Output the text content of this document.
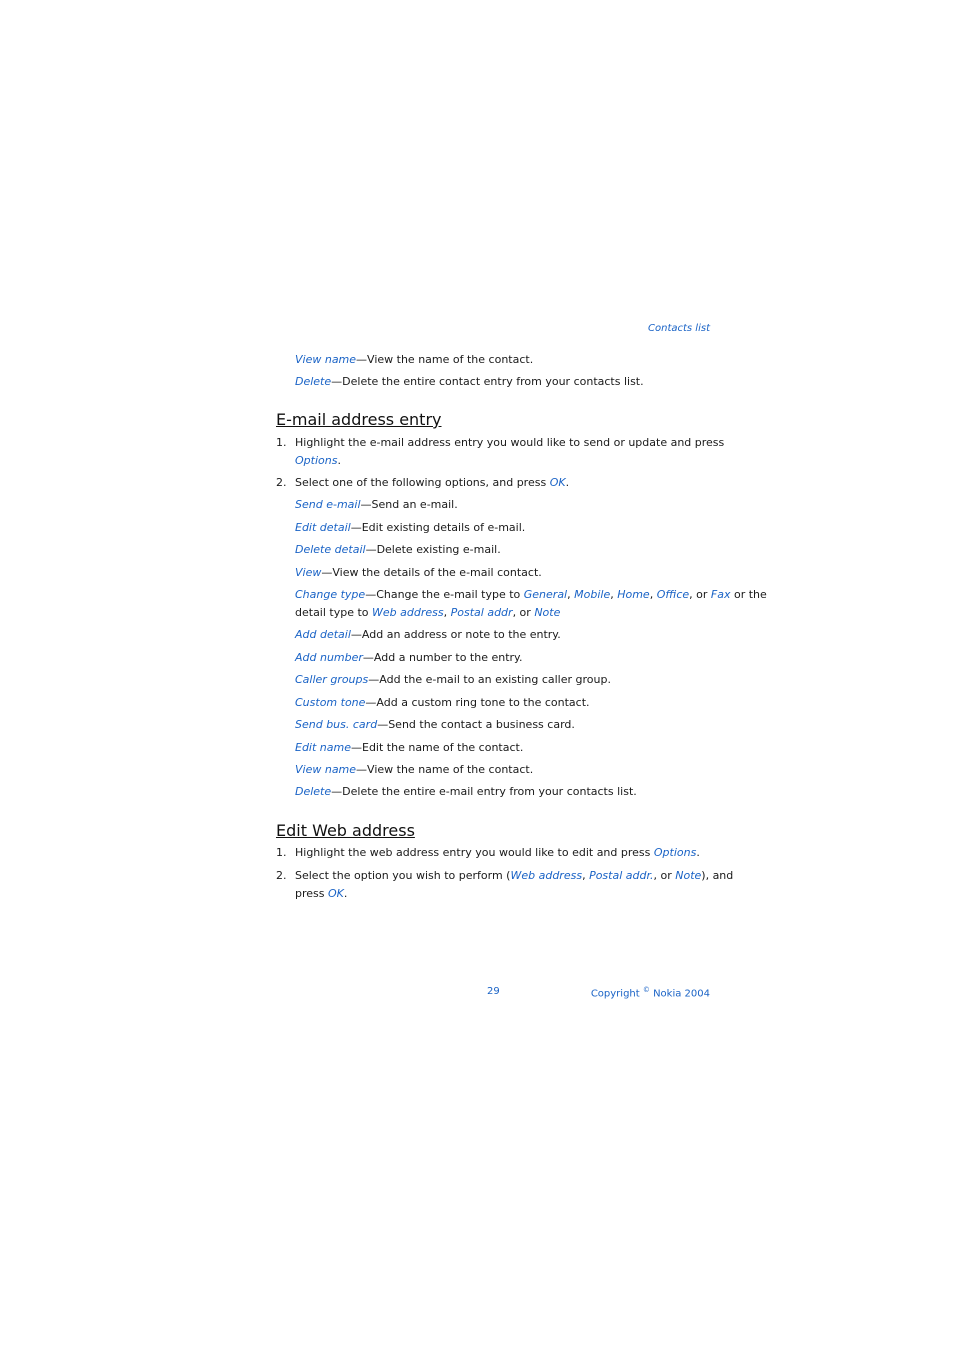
Contacts list
View name—View the name of the contact.
Delete—Delete the entire contact entry from your contacts list.
E-mail address entry
1. Highlight the e-mail address entry you would like to send or update and press
Options.
2. Select one of the following options, and press OK.
Send e-mail—Send an e-mail.
Edit detail—Edit existing details of e-mail.
Delete detail—Delete existing e-mail.
View—View the details of the e-mail contact.
Change type—Change the e-mail type to General, Mobile, Home, Office, or Fax or the
detail type to Web address, Postal addr, or Note
Add detail—Add an address or note to the entry.
Add number—Add a number to the entry.
Caller groups—Add the e-mail to an existing caller group.
Custom tone—Add a custom ring tone to the contact.
Send bus. card—Send the contact a business card.
Edit name—Edit the name of the contact.
View name—View the name of the contact.
Delete—Delete the entire e-mail entry from your contacts list.
Edit Web address
1. Highlight the web address entry you would like to edit and press Options.
2. Select the option you wish to perform (Web address, Postal addr., or Note), and
press OK.
29	Copyright © Nokia 2004
